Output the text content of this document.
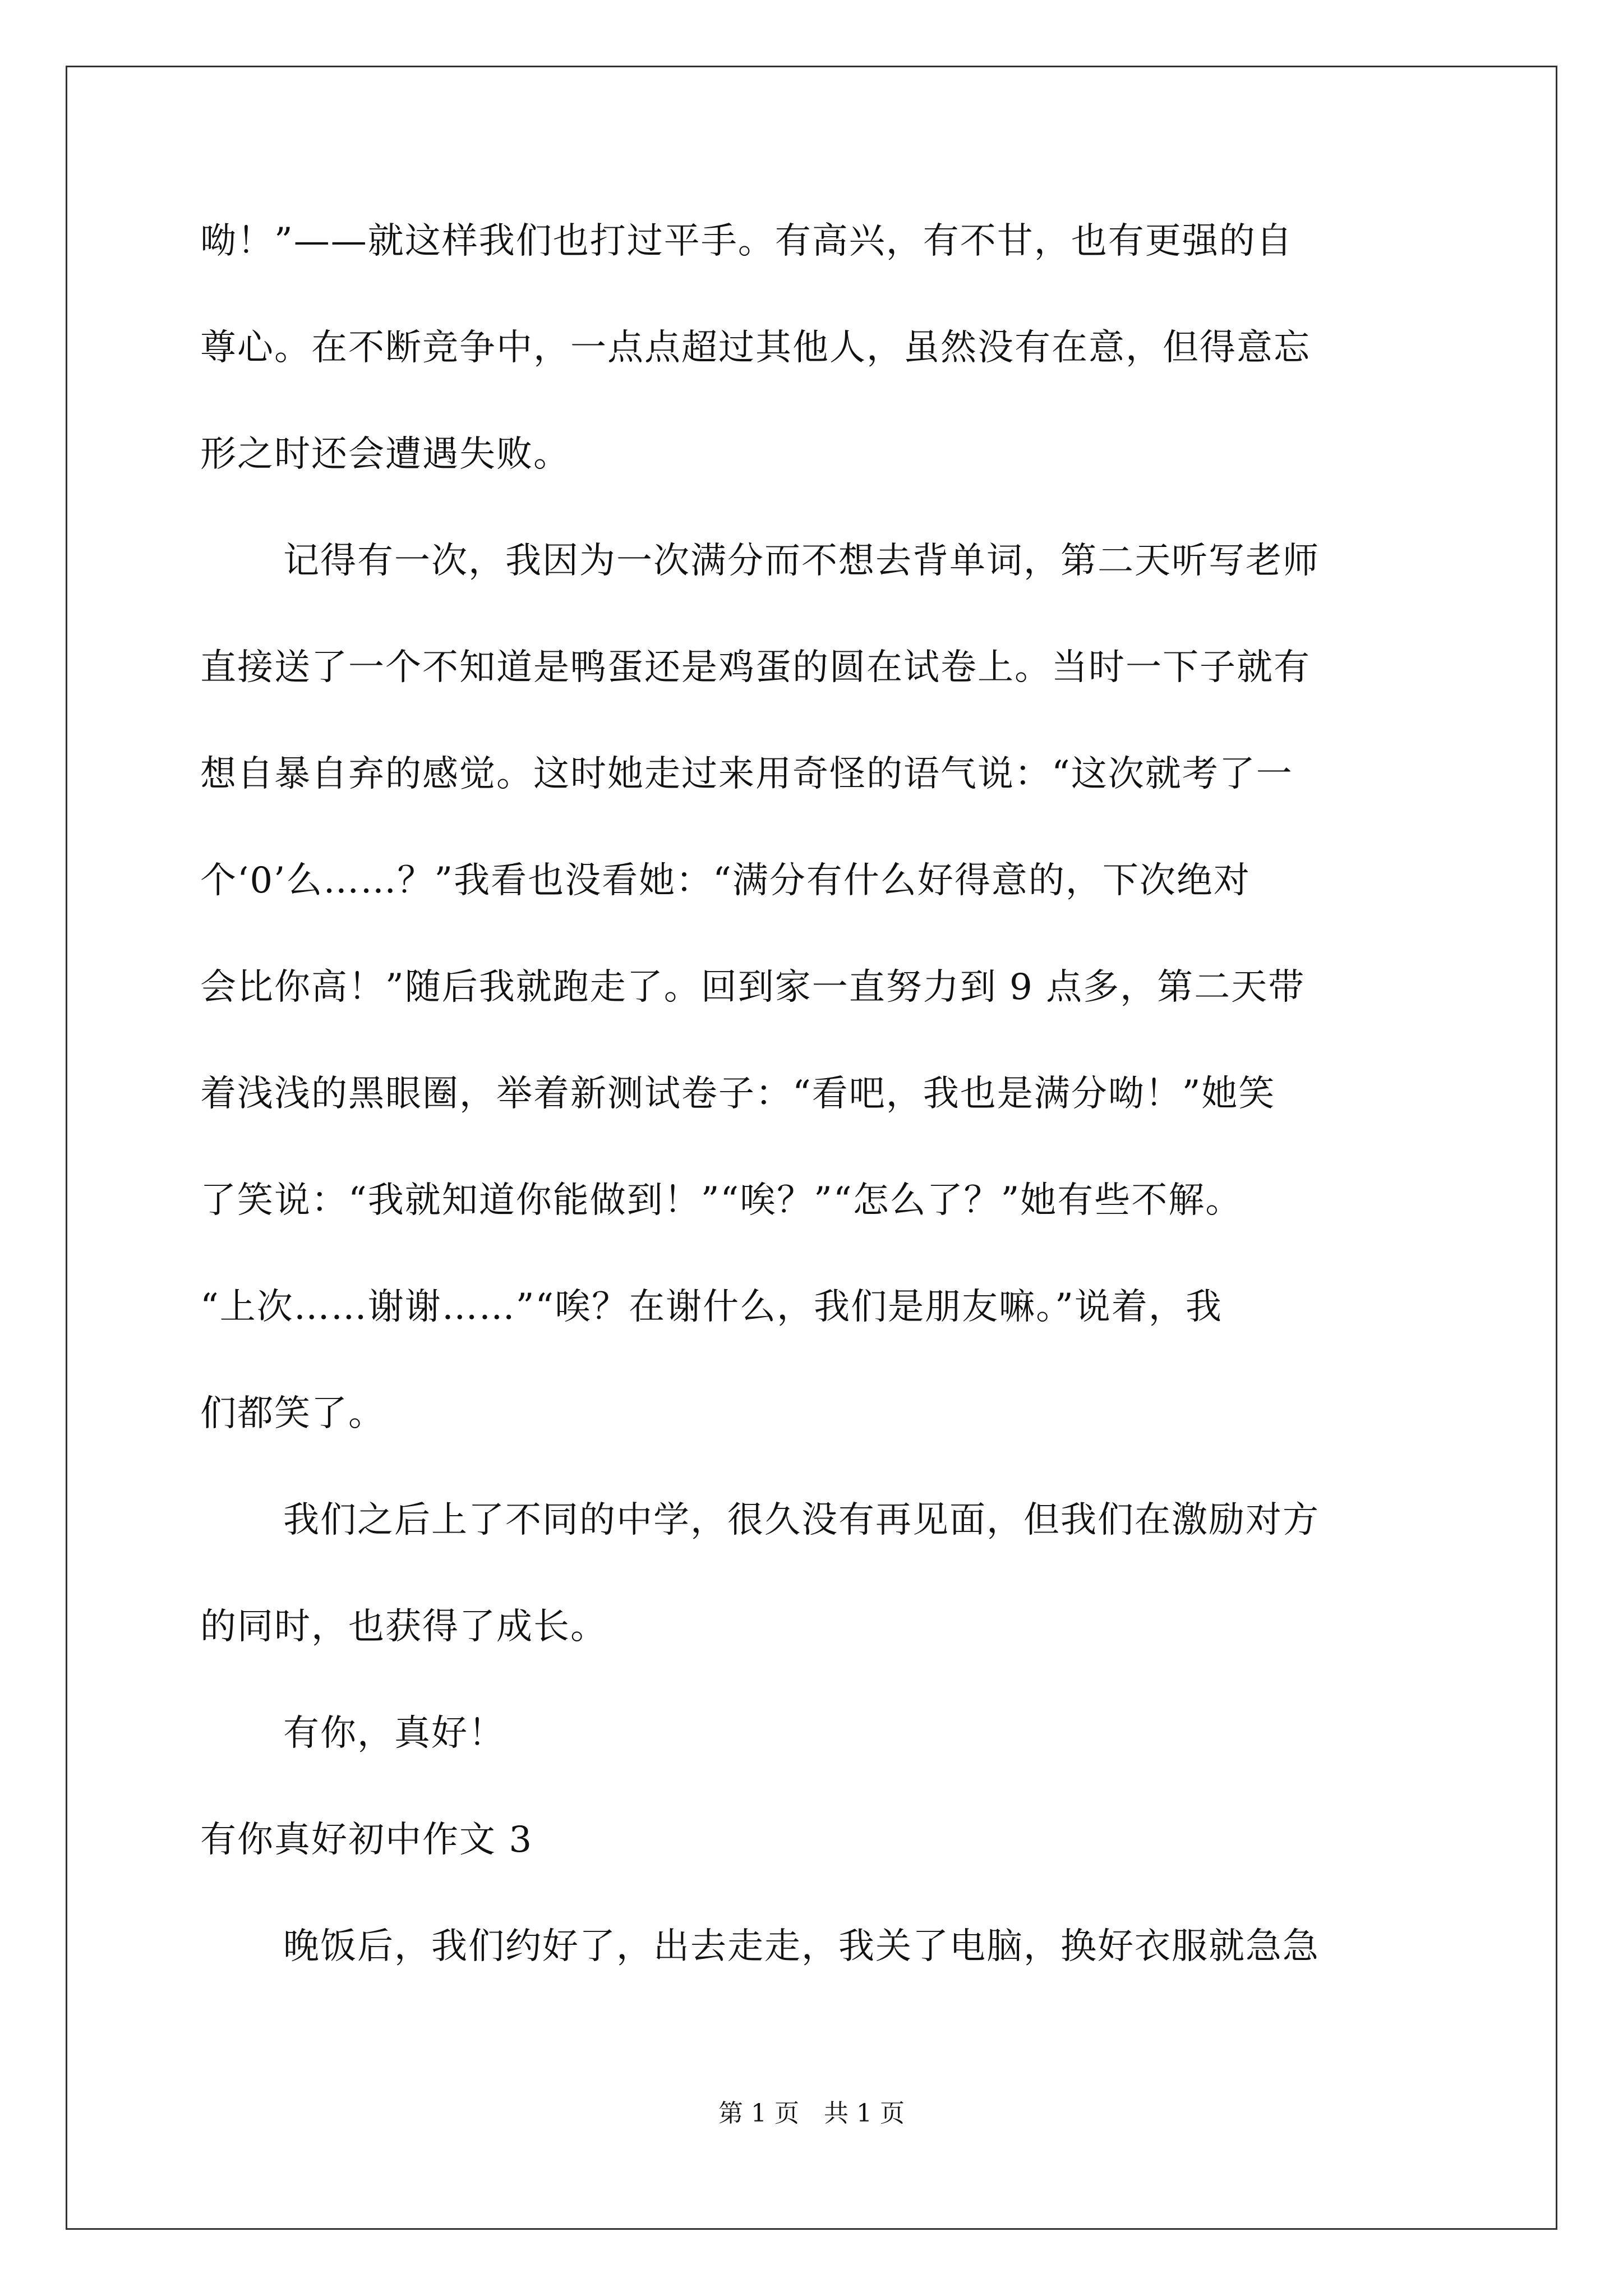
呦！”——就这样我们也打过平手。有高兴，有不甘，也有更强的自
尊心。在不断竞争中，一点点超过其他人，虽然没有在意，但得意忘
形之时还会遭遇失败。
记得有一次，我因为一次满分而不想去背单词，第二天听写老师
直接送了一个不知道是鸭蛋还是鸡蛋的圆在试卷上。当时一下子就有
想自暴自弃的感觉。这时她走过来用奇怪的语气说：“这次就考了一
个‘0’么……？”我看也没看她：“满分有什么好得意的，下次绝对
会比你高！”随后我就跑走了。回到家一直努力到 9 点多，第二天带
着浅浅的黑眼圈，举着新测试卷子：“看吧，我也是满分呦！”她笑
了笑说：“我就知道你能做到！”“唉？”“怎么了？”她有些不解。
“上次……谢谢……”“唉？在谢什么，我们是朋友嘛。”说着，我
们都笑了。
我们之后上了不同的中学，很久没有再见面，但我们在激励对方
的同时，也获得了成长。
有你，真好！
有你真好初中作文 3
晚饭后，我们约好了，出去走走，我关了电脑，换好衣服就急急
第 1 页　共 1 页
